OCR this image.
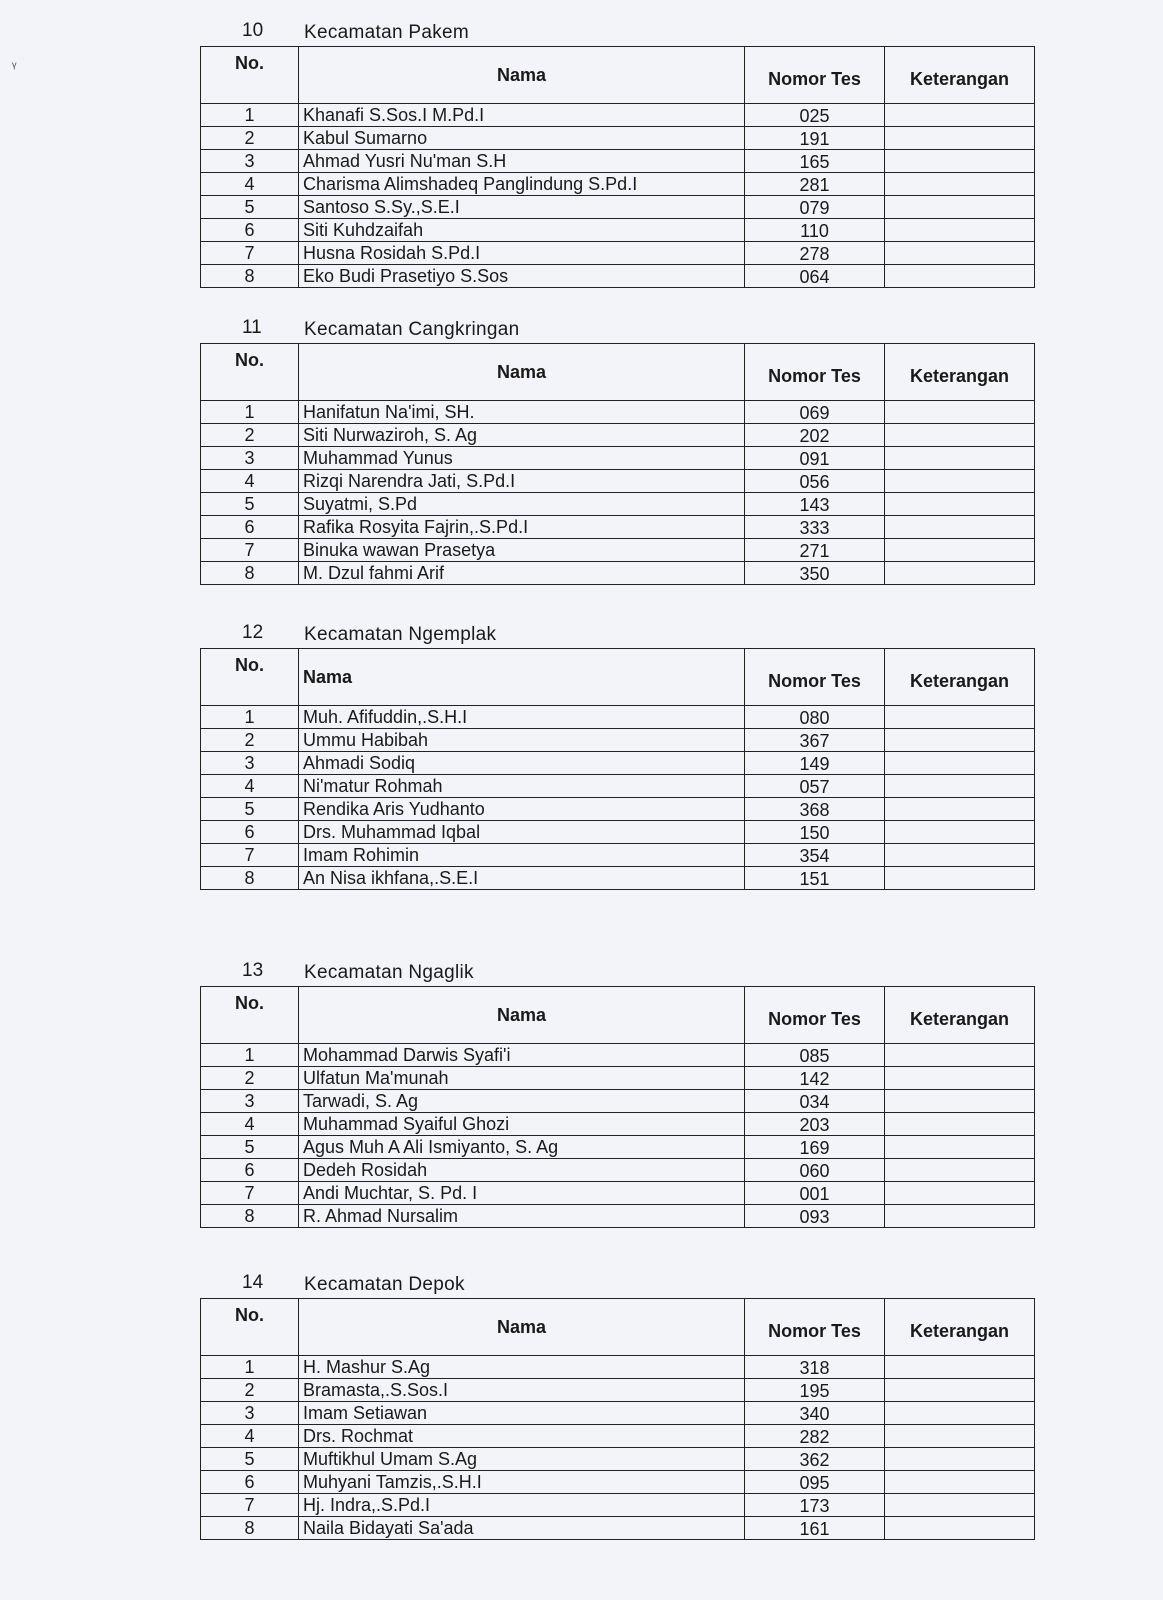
ᵞ
10 Kecamatan Pakem
No.	Nama	Nomor Tes	Keterangan
1	Khanafi S.Sos.I M.Pd.I	025	
2	Kabul Sumarno	191	
3	Ahmad Yusri Nu'man S.H	165	
4	Charisma Alimshadeq Panglindung S.Pd.I	281	
5	Santoso S.Sy.,S.E.I	079	
6	Siti Kuhdzaifah	110	
7	Husna Rosidah S.Pd.I	278	
8	Eko Budi Prasetiyo S.Sos	064	
11 Kecamatan Cangkringan
No.	Nama	Nomor Tes	Keterangan
1	Hanifatun Na'imi, SH.	069	
2	Siti Nurwaziroh, S. Ag	202	
3	Muhammad Yunus	091	
4	Rizqi Narendra Jati, S.Pd.I	056	
5	Suyatmi, S.Pd	143	
6	Rafika Rosyita Fajrin,.S.Pd.I	333	
7	Binuka wawan Prasetya	271	
8	M. Dzul fahmi Arif	350	
12 Kecamatan Ngemplak
No.	Nama	Nomor Tes	Keterangan
1	Muh. Afifuddin,.S.H.I	080	
2	Ummu Habibah	367	
3	Ahmadi Sodiq	149	
4	Ni'matur Rohmah	057	
5	Rendika Aris Yudhanto	368	
6	Drs. Muhammad Iqbal	150	
7	Imam Rohimin	354	
8	An Nisa ikhfana,.S.E.I	151	
13 Kecamatan Ngaglik
No.	Nama	Nomor Tes	Keterangan
1	Mohammad Darwis Syafi'i	085	
2	Ulfatun Ma'munah	142	
3	Tarwadi, S. Ag	034	
4	Muhammad Syaiful Ghozi	203	
5	Agus Muh A Ali Ismiyanto, S. Ag	169	
6	Dedeh Rosidah	060	
7	Andi Muchtar, S. Pd. I	001	
8	R. Ahmad Nursalim	093	
14 Kecamatan Depok
No.	Nama	Nomor Tes	Keterangan
1	H. Mashur S.Ag	318	
2	Bramasta,.S.Sos.I	195	
3	Imam Setiawan	340	
4	Drs. Rochmat	282	
5	Muftikhul Umam S.Ag	362	
6	Muhyani Tamzis,.S.H.I	095	
7	Hj. Indra,.S.Pd.I	173	
8	Naila Bidayati Sa'ada	161	
